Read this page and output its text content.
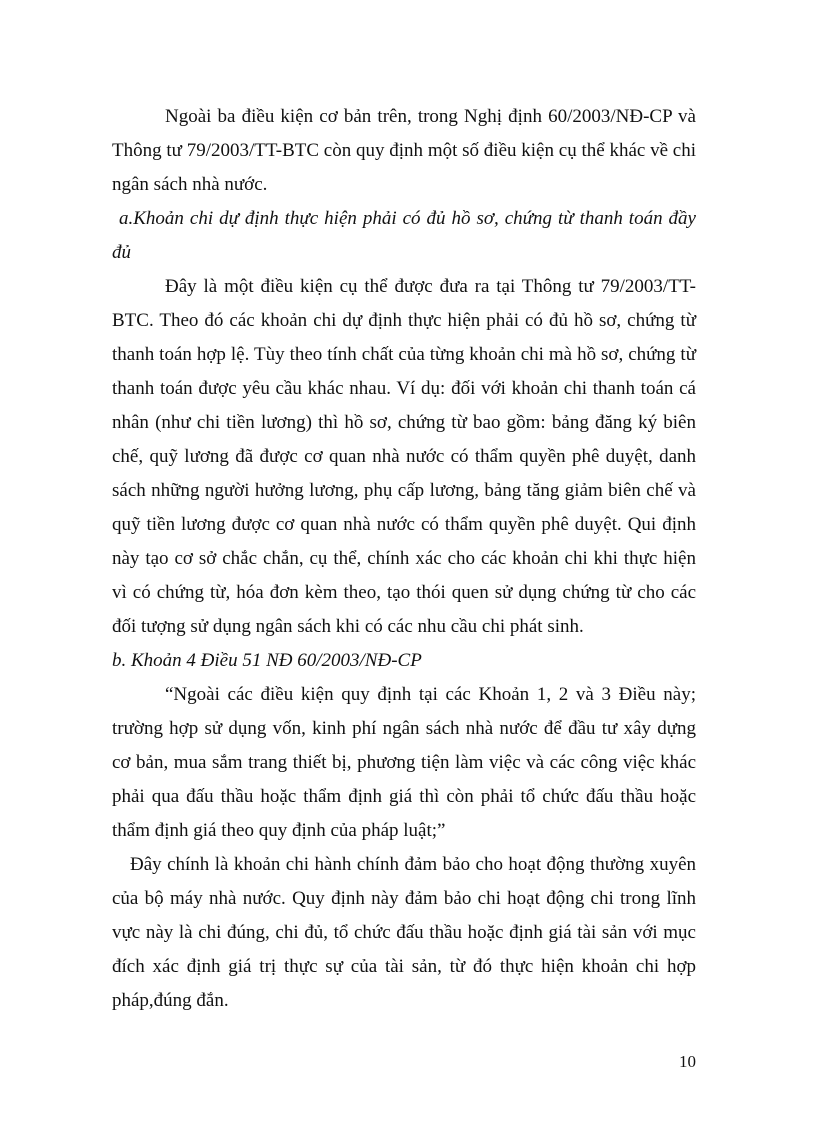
Ngoài ba điều kiện cơ bản trên, trong Nghị định 60/2003/NĐ-CP và Thông tư 79/2003/TT-BTC còn quy định một số điều kiện cụ thể khác về chi ngân sách nhà nước.

a.Khoản chi dự định thực hiện phải có đủ hồ sơ, chứng từ thanh toán đầy đủ

Đây là một điều kiện cụ thể được đưa ra tại Thông tư 79/2003/TT-BTC. Theo đó các khoản chi dự định thực hiện phải có đủ hồ sơ, chứng từ thanh toán hợp lệ. Tùy theo tính chất của từng khoản chi mà hồ sơ, chứng từ thanh toán được yêu cầu khác nhau. Ví dụ: đối với khoản chi thanh toán cá nhân (như chi tiền lương) thì hồ sơ, chứng từ bao gồm: bảng đăng ký biên chế, quỹ lương đã được cơ quan nhà nước có thẩm quyền phê duyệt, danh sách những người hưởng lương, phụ cấp lương, bảng tăng giảm biên chế và quỹ tiền lương được cơ quan nhà nước có thẩm quyền phê duyệt. Qui định này tạo cơ sở chắc chắn, cụ thể, chính xác cho các khoản chi khi thực hiện vì có chứng từ, hóa đơn kèm theo, tạo thói quen sử dụng chứng từ cho các đối tượng sử dụng ngân sách khi có các nhu cầu chi phát sinh.

b. Khoản 4 Điều 51 NĐ 60/2003/NĐ-CP

“Ngoài các điều kiện quy định tại các Khoản 1, 2 và 3 Điều này; trường hợp sử dụng vốn, kinh phí ngân sách nhà nước để đầu tư xây dựng cơ bản, mua sắm trang thiết bị, phương tiện làm việc và các công việc khác phải qua đấu thầu hoặc thẩm định giá thì còn phải tổ chức đấu thầu hoặc thẩm định giá theo quy định của pháp luật;”

Đây chính là khoản chi hành chính đảm bảo cho hoạt động thường xuyên của bộ máy nhà nước. Quy định này đảm bảo chi hoạt động chi trong lĩnh vực này là chi đúng, chi đủ, tổ chức đấu thầu hoặc định giá tài sản với mục đích xác định giá trị thực sự của tài sản, từ đó thực hiện khoản chi hợp pháp,đúng đắn.

10
